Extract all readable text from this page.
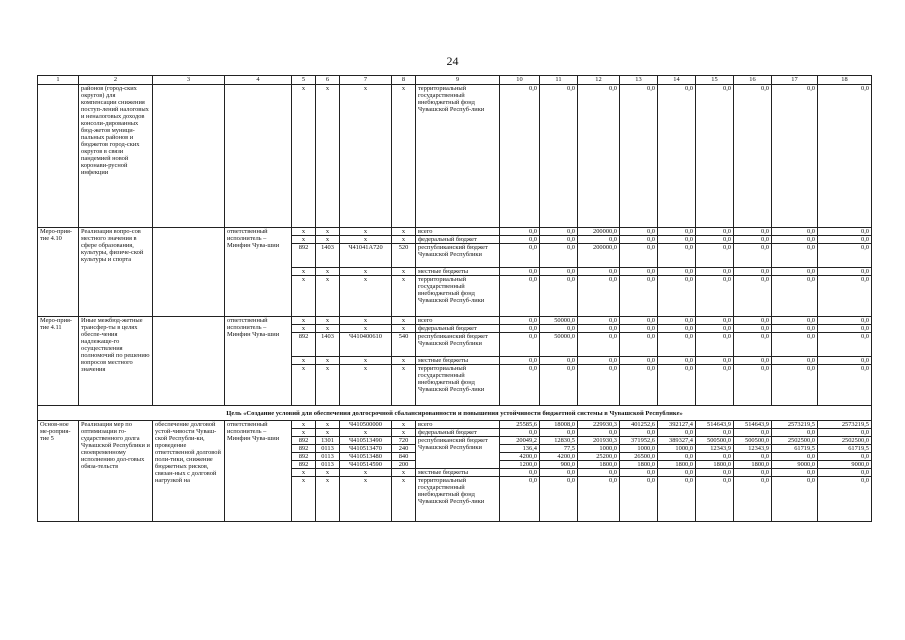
24
1	2	3	4	5	6	7	8	9	10	11	12	13	14	15	16	17	18
	районов (город-ских округов) для компенсации снижения поступ-лений налоговых и неналоговых доходов консоли-дированных бюд-жетов муници-пальных районов и бюджетов город-ских округов в связи пандемией новой коронави-русной инфекции			x	x	x	x	территориальный государственный внебюджетный фонд Чувашской Респуб-лики	0,0	0,0	0,0	0,0	0,0	0,0	0,0	0,0	0,0
Меро-прия-тие 4.10	Реализация вопро-сов местного значения в сфере образования, культуры, физиче-ской культуры и спорта		ответственный исполнитель – Минфин Чува-шии	x	x	x	x	всего	0,0	0,0	200000,0	0,0	0,0	0,0	0,0	0,0	0,0
				x	x	x	x	федеральный бюджет	0,0	0,0	0,0	0,0	0,0	0,0	0,0	0,0	0,0
				892	1403	Ч41041А720	520	республиканский бюджет Чувашской Республики	0,0	0,0	200000,0	0,0	0,0	0,0	0,0	0,0	0,0
				x	x	x	x	местные бюджеты	0,0	0,0	0,0	0,0	0,0	0,0	0,0	0,0	0,0
				x	x	x	x	территориальный государственный внебюджетный фонд Чувашской Респуб-лики	0,0	0,0	0,0	0,0	0,0	0,0	0,0	0,0	0,0
Меро-прия-тие 4.11	Иные межбюд-жетные трансфер-ты в целях обеспе-чения надлежаще-го осуществления полномочий по решению вопросов местного значения		ответственный исполнитель – Минфин Чува-шии	x	x	x	x	всего	0,0	50000,0	0,0	0,0	0,0	0,0	0,0	0,0	0,0
				x	x	x	x	федеральный бюджет	0,0	0,0	0,0	0,0	0,0	0,0	0,0	0,0	0,0
				892	1403	Ч410400610	540	республиканский бюджет Чувашской Республики	0,0	50000,0	0,0	0,0	0,0	0,0	0,0	0,0	0,0
				x	x	x	x	местные бюджеты	0,0	0,0	0,0	0,0	0,0	0,0	0,0	0,0	0,0
				x	x	x	x	территориальный государственный внебюджетный фонд Чувашской Респуб-лики	0,0	0,0	0,0	0,0	0,0	0,0	0,0	0,0	0,0
Цель «Создание условий для обеспечения долгосрочной сбалансированности и повышения устойчивости бюджетной системы в Чувашской Республике»																	
Основ-ное ме-роприя-тие 5	Реализация мер по оптимизации го-сударственного долга Чувашской Республики и своевременному исполнению дол-говых обяза-тельств	обеспечение долговой устой-чивости Чуваш-ской Республи-ки, проведение ответственной долговой поли-тики, снижение бюджетных рисков, связан-ных с долговой нагрузкой на	ответственный исполнитель – Минфин Чува-шии	x	x	Ч410500000	x	всего	25585,6	18008,0	229930,3	401252,6	392127,4	514643,9	514643,9	2573219,5	2573219,5
				x	x	x	x	федеральный бюджет	0,0	0,0	0,0	0,0	0,0	0,0	0,0	0,0	0,0
				892	1301	Ч410513490	720	республиканский бюджет Чувашской Республики	20049,2	12830,5	201930,3	371952,6	389327,4	500500,0	500500,0	2502500,0	2502500,0
				892	0113	Ч410513470	240		136,4	77,5	1000,0	1000,0	1000,0	12343,9	12343,9	61719,5	61719,5
				892	0113	Ч410513480	840		4200,0	4200,0	25200,0	26500,0	0,0	0,0	0,0	0,0	0,0
				892	0113	Ч410514590	200		1200,0	900,0	1800,0	1800,0	1800,0	1800,0	1800,0	9000,0	9000,0
				x	x	x	x	местные бюджеты	0,0	0,0	0,0	0,0	0,0	0,0	0,0	0,0	0,0
				x	x	x	x	территориальный государственный внебюджетный фонд Чувашской Респуб-лики	0,0	0,0	0,0	0,0	0,0	0,0	0,0	0,0	0,0
